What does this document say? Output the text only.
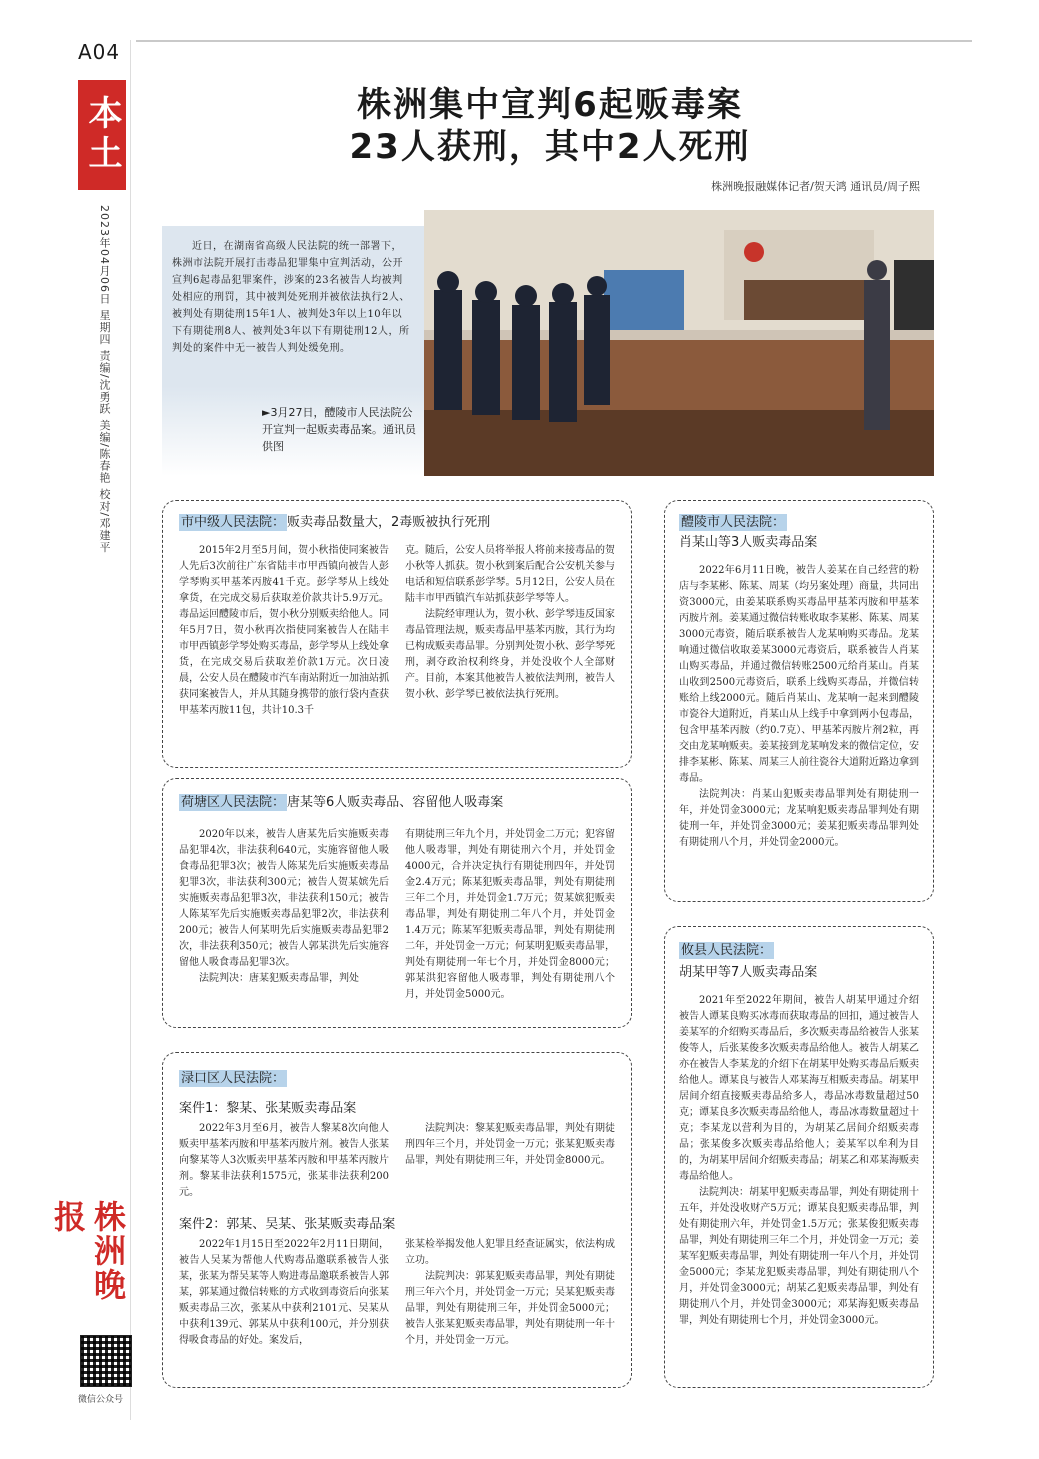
A04
本土
2023年04月06日 星期四 责编/沈勇跃 美编/陈春艳 校对/邓建平
株洲晚报
微信公众号
株洲集中宣判6起贩毒案
23人获刑，其中2人死刑
株洲晚报融媒体记者/贺天鸿 通讯员/周子熙

近日，在湖南省高级人民法院的统一部署下，株洲市法院开展打击毒品犯罪集中宣判活动，公开宣判6起毒品犯罪案件，涉案的23名被告人均被判处相应的刑罚，其中被判处死刑并被依法执行2人、被判处有期徒刑15年1人、被判处3年以上10年以下有期徒刑8人、被判处3年以下有期徒刑12人，所判处的案件中无一被告人判处缓免刑。

►3月27日，醴陵市人民法院公开宣判一起贩卖毒品案。通讯员供图
市中级人民法院： 贩卖毒品数量大，2毒贩被执行死刑

2015年2月至5月间，贺小秋指使同案被告人先后3次前往广东省陆丰市甲西镇向被告人彭学琴购买甲基苯丙胺41千克。彭学琴从上线处拿货，在完成交易后获取差价款共计5.9万元。毒品运回醴陵市后，贺小秋分别贩卖给他人。同年5月7日，贺小秋再次指使同案被告人在陆丰市甲西镇彭学琴处购买毒品，彭学琴从上线处拿货，在完成交易后获取差价款1万元。次日凌晨，公安人员在醴陵市汽车南站附近一加油站抓获同案被告人，并从其随身携带的旅行袋内查获甲基苯丙胺11包，共计10.3千

克。随后，公安人员将举报人将前来接毒品的贺小秋等人抓获。贺小秋到案后配合公安机关参与电话和短信联系彭学琴。5月12日，公安人员在陆丰市甲西镇汽车站抓获彭学琴等人。

法院经审理认为，贺小秋、彭学琴违反国家毒品管理法规，贩卖毒品甲基苯丙胺，其行为均已构成贩卖毒品罪。分别判处贺小秋、彭学琴死刑，剥夺政治权利终身，并处没收个人全部财产。目前，本案其他被告人被依法判刑，被告人贺小秋、彭学琴已被依法执行死刑。

荷塘区人民法院： 唐某等6人贩卖毒品、容留他人吸毒案

2020年以来，被告人唐某先后实施贩卖毒品犯罪4次，非法获利640元，实施容留他人吸食毒品犯罪3次；被告人陈某先后实施贩卖毒品犯罪3次，非法获利300元；被告人贺某嫔先后实施贩卖毒品犯罪3次，非法获利150元；被告人陈某军先后实施贩卖毒品犯罪2次，非法获利200元；被告人何某明先后实施贩卖毒品犯罪2次，非法获利350元；被告人郭某洪先后实施容留他人吸食毒品犯罪3次。

法院判决：唐某犯贩卖毒品罪，判处

有期徒刑三年九个月，并处罚金二万元；犯容留他人吸毒罪，判处有期徒刑六个月，并处罚金4000元，合并决定执行有期徒刑四年，并处罚金2.4万元；陈某犯贩卖毒品罪，判处有期徒刑三年二个月，并处罚金1.7万元；贺某嫔犯贩卖毒品罪，判处有期徒刑二年八个月，并处罚金1.4万元；陈某军犯贩卖毒品罪，判处有期徒刑二年，并处罚金一万元；何某明犯贩卖毒品罪，判处有期徒刑一年七个月，并处罚金8000元；郭某洪犯容留他人吸毒罪，判处有期徒刑八个月，并处罚金5000元。

渌口区人民法院：
案件1：黎某、张某贩卖毒品案

2022年3月至6月，被告人黎某8次向他人贩卖甲基苯丙胺和甲基苯丙胺片剂。被告人张某向黎某等人3次贩卖甲基苯丙胺和甲基苯丙胺片剂。黎某非法获利1575元，张某非法获利200元。

法院判决：黎某犯贩卖毒品罪，判处有期徒刑四年三个月，并处罚金一万元；张某犯贩卖毒品罪，判处有期徒刑三年，并处罚金8000元。

案件2：郭某、吴某、张某贩卖毒品案

2022年1月15日至2022年2月11日期间，被告人吴某为帮他人代购毒品邀联系被告人张某，张某为帮吴某等人购进毒品邀联系被告人郭某，郭某通过微信转账的方式收到毒资后向张某贩卖毒品三次，张某从中获利2101元、吴某从中获利139元、郭某从中获利100元，并分别获得吸食毒品的好处。案发后，

张某检举揭发他人犯罪且经查证属实，依法构成立功。

法院判决：郭某犯贩卖毒品罪，判处有期徒刑三年六个月，并处罚金一万元；吴某犯贩卖毒品罪，判处有期徒刑三年，并处罚金5000元；被告人张某犯贩卖毒品罪，判处有期徒刑一年十个月，并处罚金一万元。

醴陵市人民法院：
肖某山等3人贩卖毒品案

2022年6月11日晚，被告人姜某在自己经营的粉店与李某彬、陈某、周某（均另案处理）商量，共同出资3000元，由姜某联系购买毒品甲基苯丙胺和甲基苯丙胺片剂。姜某通过微信转账收取李某彬、陈某、周某3000元毒资，随后联系被告人龙某响购买毒品。龙某响通过微信收取姜某3000元毒资后，联系被告人肖某山购买毒品，并通过微信转账2500元给肖某山。肖某山收到2500元毒资后，联系上线购买毒品，并微信转账给上线2000元。随后肖某山、龙某响一起来到醴陵市瓷谷大道附近，肖某山从上线手中拿到两小包毒品，包含甲基苯丙胺（约0.7克）、甲基苯丙胺片剂2粒，再交由龙某响贩卖。姜某接到龙某响发来的微信定位，安排李某彬、陈某、周某三人前往瓷谷大道附近路边拿到毒品。

法院判决：肖某山犯贩卖毒品罪判处有期徒刑一年，并处罚金3000元；龙某响犯贩卖毒品罪判处有期徒刑一年，并处罚金3000元；姜某犯贩卖毒品罪判处有期徒刑八个月，并处罚金2000元。

攸县人民法院：
胡某甲等7人贩卖毒品案

2021年至2022年期间，被告人胡某甲通过介绍被告人谭某良购买冰毒而获取毒品的回扣，通过被告人姜某军的介绍购买毒品后，多次贩卖毒品给被告人张某俊等人，后张某俊多次贩卖毒品给他人。被告人胡某乙亦在被告人李某龙的介绍下在胡某甲处购买毒品后贩卖给他人。谭某良与被告人邓某海互相贩卖毒品。胡某甲居间介绍直接贩卖毒品给多人，毒品冰毒数量超过50克；谭某良多次贩卖毒品给他人，毒品冰毒数量超过十克；李某龙以营利为目的，为胡某乙居间介绍贩卖毒品；张某俊多次贩卖毒品给他人；姜某军以牟利为目的，为胡某甲居间介绍贩卖毒品；胡某乙和邓某海贩卖毒品给他人。

法院判决：胡某甲犯贩卖毒品罪，判处有期徒刑十五年，并处没收财产5万元；谭某良犯贩卖毒品罪，判处有期徒刑六年，并处罚金1.5万元；张某俊犯贩卖毒品罪，判处有期徒刑三年二个月，并处罚金一万元；姜某军犯贩卖毒品罪，判处有期徒刑一年八个月，并处罚金5000元；李某龙犯贩卖毒品罪，判处有期徒刑八个月，并处罚金3000元；胡某乙犯贩卖毒品罪，判处有期徒刑八个月，并处罚金3000元；邓某海犯贩卖毒品罪，判处有期徒刑七个月，并处罚金3000元。
